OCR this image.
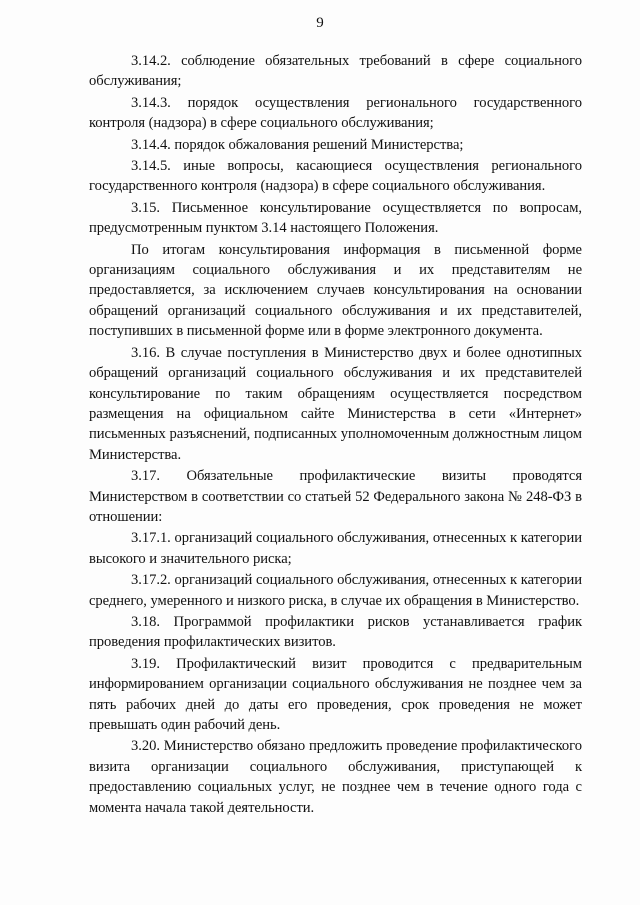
9

3.14.2. соблюдение обязательных требований в сфере социального обслуживания;

3.14.3. порядок осуществления регионального государственного контроля (надзора) в сфере социального обслуживания;

3.14.4. порядок обжалования решений Министерства;

3.14.5. иные вопросы, касающиеся осуществления регионального государственного контроля (надзора) в сфере социального обслуживания.

3.15. Письменное консультирование осуществляется по вопросам, предусмотренным пунктом 3.14 настоящего Положения.

По итогам консультирования информация в письменной форме организациям социального обслуживания и их представителям не предоставляется, за исключением случаев консультирования на основании обращений организаций социального обслуживания и их представителей, поступивших в письменной форме или в форме электронного документа.

3.16. В случае поступления в Министерство двух и более однотипных обращений организаций социального обслуживания и их представителей консультирование по таким обращениям осуществляется посредством размещения на официальном сайте Министерства в сети «Интернет» письменных разъяснений, подписанных уполномоченным должностным лицом Министерства.

3.17. Обязательные профилактические визиты проводятся Министерством в соответствии со статьей 52 Федерального закона № 248-ФЗ в отношении:

3.17.1. организаций социального обслуживания, отнесенных к категории высокого и значительного риска;

3.17.2. организаций социального обслуживания, отнесенных к категории среднего, умеренного и низкого риска, в случае их обращения в Министерство.

3.18. Программой профилактики рисков устанавливается график проведения профилактических визитов.

3.19. Профилактический визит проводится с предварительным информированием организации социального обслуживания не позднее чем за пять рабочих дней до даты его проведения, срок проведения не может превышать один рабочий день.

3.20. Министерство обязано предложить проведение профилактического визита организации социального обслуживания, приступающей к предоставлению социальных услуг, не позднее чем в течение одного года с момента начала такой деятельности.
